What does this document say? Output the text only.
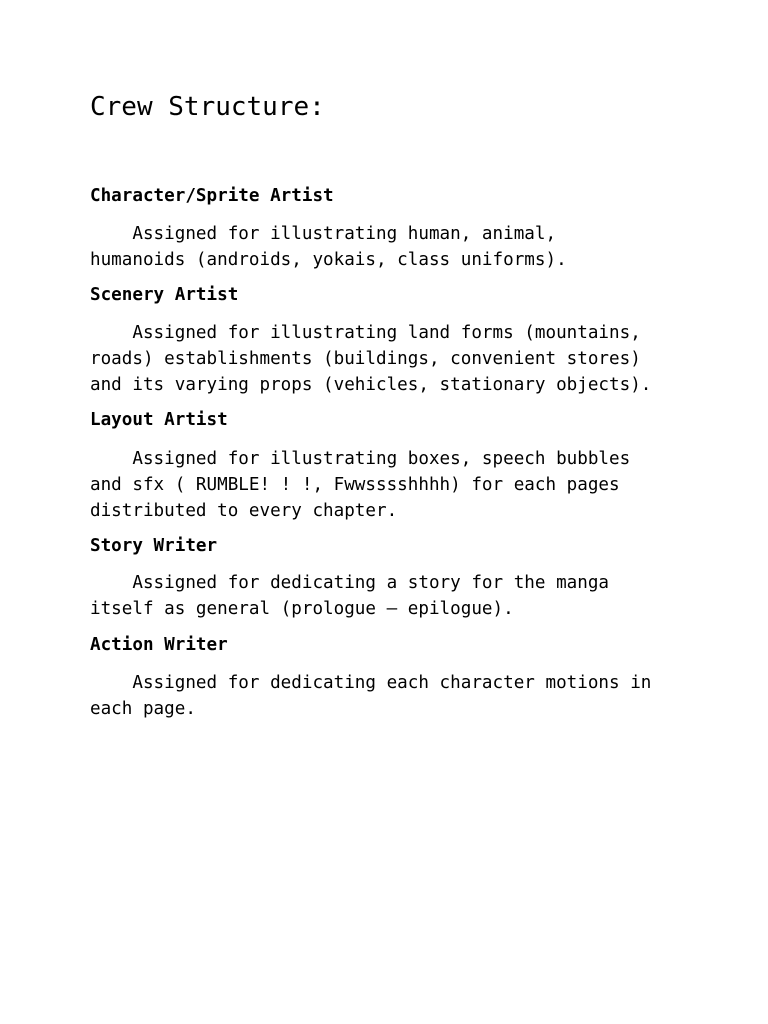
Crew Structure:
Character/Sprite Artist
Assigned for illustrating human, animal,
humanoids (androids, yokais, class uniforms).
Scenery Artist
Assigned for illustrating land forms (mountains,
roads) establishments (buildings, convenient stores)
and its varying props (vehicles, stationary objects).
Layout Artist
Assigned for illustrating boxes, speech bubbles
and sfx ( RUMBLE! ! !, Fwwsssshhhh) for each pages
distributed to every chapter.
Story Writer
Assigned for dedicating a story for the manga
itself as general (prologue – epilogue).
Action Writer
Assigned for dedicating each character motions in
each page.
